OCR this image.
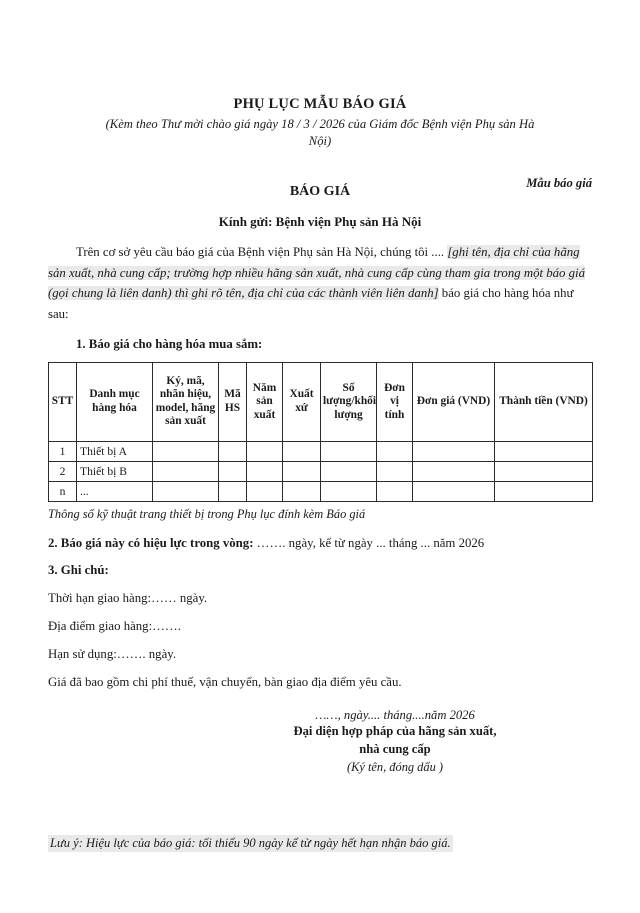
PHỤ LỤC MẪU BÁO GIÁ
(Kèm theo Thư mời chào giá ngày 18 / 3 / 2026 của Giám đốc Bệnh viện Phụ sản Hà
Nội)
Mẫu báo giá
BÁO GIÁ
Kính gửi: Bệnh viện Phụ sản Hà Nội
Trên cơ sở yêu cầu báo giá của Bệnh viện Phụ sản Hà Nội, chúng tôi .... [ghi tên, địa chỉ của hãng sản xuất, nhà cung cấp; trường hợp nhiều hãng sản xuất, nhà cung cấp cùng tham gia trong một báo giá (gọi chung là liên danh) thì ghi rõ tên, địa chỉ của các thành viên liên danh] báo giá cho hàng hóa như sau:
1. Báo giá cho hàng hóa mua sắm:
STT	Danh mục hàng hóa	Ký, mã, nhãn hiệu, model, hãng sản xuất	Mã HS	Năm sản xuất	Xuất xứ	Số lượng/khối lượng	Đơn vị tính	Đơn giá (VND)	Thành tiền (VND)
1	Thiết bị A								
2	Thiết bị B								
n	...								
Thông số kỹ thuật trang thiết bị trong Phụ lục đính kèm Báo giá
2. Báo giá này có hiệu lực trong vòng: ……. ngày, kể từ ngày ... tháng ... năm 2026
3. Ghi chú:
Thời hạn giao hàng:…… ngày.
Địa điểm giao hàng:…….
Hạn sử dụng:……. ngày.
Giá đã bao gồm chi phí thuế, vận chuyển, bàn giao địa điểm yêu cầu.
……, ngày.... tháng....năm 2026
Đại diện hợp pháp của hãng sản xuất,
nhà cung cấp
(Ký tên, đóng dấu )
Lưu ý: Hiệu lực của báo giá: tối thiểu 90 ngày kể từ ngày hết hạn nhận báo giá.
